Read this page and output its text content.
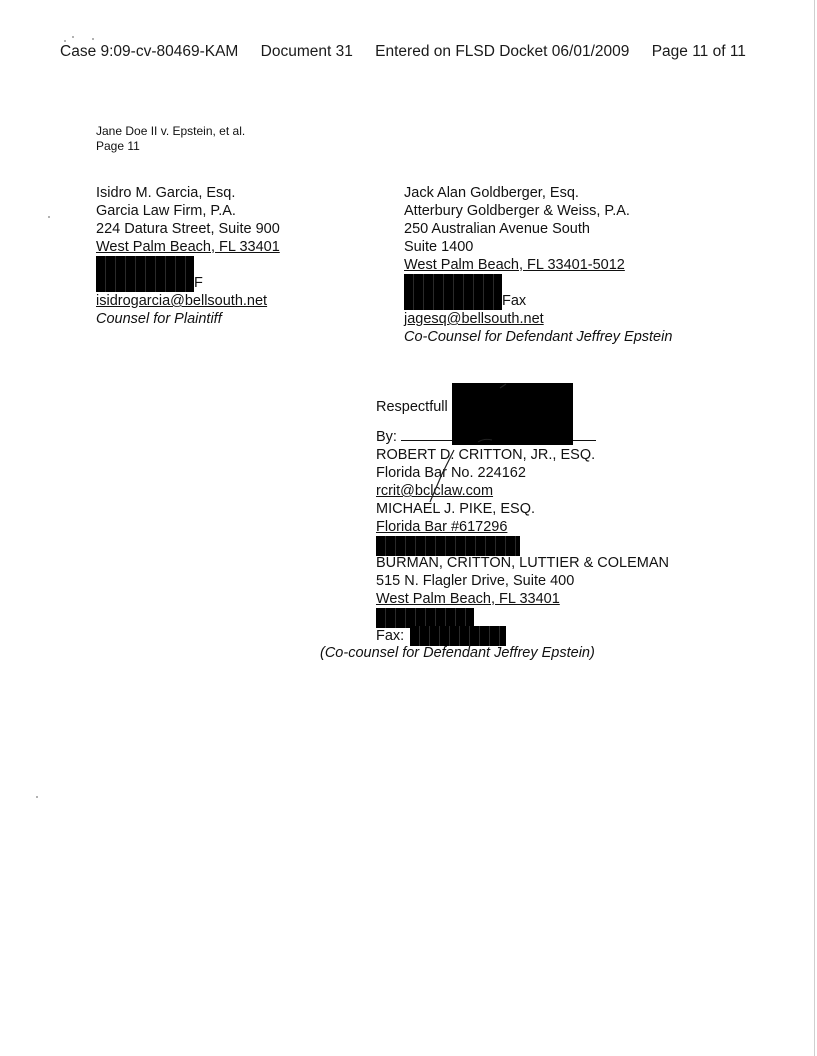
Case 9:09-cv-80469-KAM Document 31 Entered on FLSD Docket 06/01/2009 Page 11 of 11
Jane Doe II v. Epstein, et al.
Page 11
Isidro M. Garcia, Esq.
Garcia Law Firm, P.A.
224 Datura Street, Suite 900
West Palm Beach, FL 33401
F
isidrogarcia@bellsouth.net
Counsel for Plaintiff
Jack Alan Goldberger, Esq.
Atterbury Goldberger & Weiss, P.A.
250 Australian Avenue South
Suite 1400
West Palm Beach, FL 33401-5012
Fax
jagesq@bellsouth.net
Co-Counsel for Defendant Jeffrey Epstein
Respectfull
By:
ROBERT D. CRITTON, JR., ESQ.
Florida Bar No. 224162
rcrit@bclclaw.com
MICHAEL J. PIKE, ESQ.
Florida Bar #617296
BURMAN, CRITTON, LUTTIER & COLEMAN
515 N. Flagler Drive, Suite 400
West Palm Beach, FL 33401
Fax:
(Co-counsel for Defendant Jeffrey Epstein)
